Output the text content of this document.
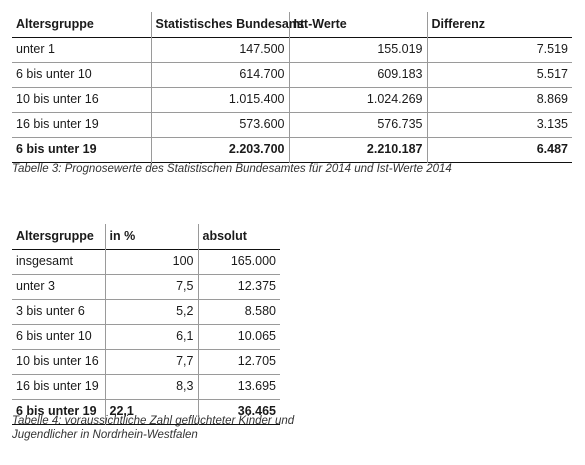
Altersgruppe	Statistisches Bundesamt	Ist-Werte	Differenz
unter 1	147.500	155.019	7.519
6 bis unter 10	614.700	609.183	5.517
10 bis unter 16	1.015.400	1.024.269	8.869
16 bis unter 19	573.600	576.735	3.135
6 bis unter 19	2.203.700	2.210.187	6.487

Tabelle 3: Prognosewerte des Statistischen Bundesamtes für 2014 und Ist-Werte 2014

Altersgruppe	in %	absolut
insgesamt	100	165.000
unter 3	7,5	12.375
3 bis unter 6	5,2	8.580
6 bis unter 10	6,1	10.065
10 bis unter 16	7,7	12.705
16 bis unter 19	8,3	13.695
6 bis unter 19	22,1	36.465

Tabelle 4: voraussichtliche Zahl geflüchteter Kinder und
Jugendlicher in Nordrhein-Westfalen
